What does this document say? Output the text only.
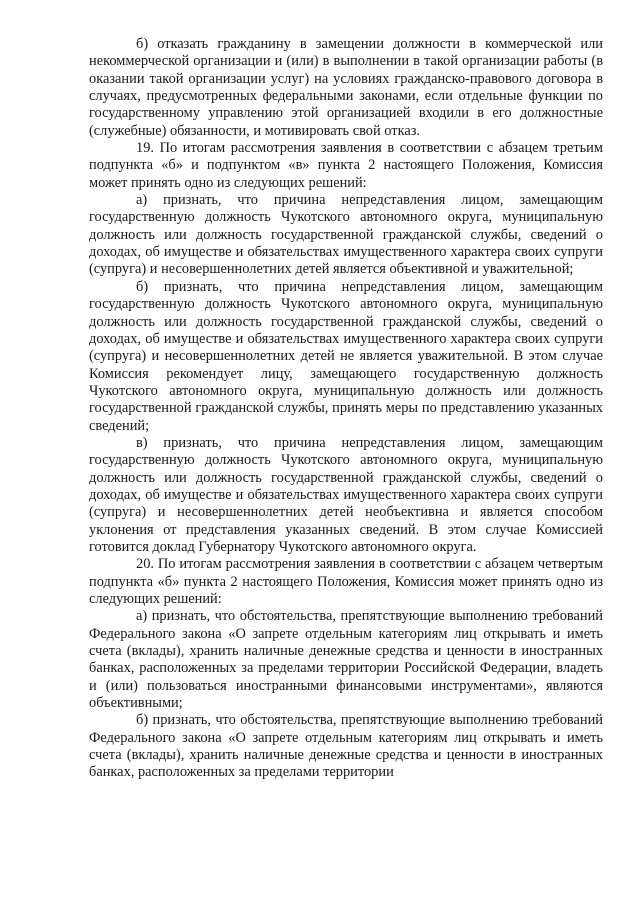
б) отказать гражданину в замещении должности в коммерческой или некоммерческой организации и (или) в выполнении в такой организации работы (в оказании такой организации услуг) на условиях гражданско-правового договора в случаях, предусмотренных федеральными законами, если отдельные функции по государственному управлению этой организацией входили в его должностные (служебные) обязанности, и мотивировать свой отказ.

19. По итогам рассмотрения заявления в соответствии с абзацем третьим подпункта «б» и подпунктом «в» пункта 2 настоящего Положения, Комиссия может принять одно из следующих решений:

а) признать, что причина непредставления лицом, замещающим государственную должность Чукотского автономного округа, муниципальную должность или должность государственной гражданской службы, сведений о доходах, об имуществе и обязательствах имущественного характера своих супруги (супруга) и несовершеннолетних детей является объективной и уважительной;

б) признать, что причина непредставления лицом, замещающим государственную должность Чукотского автономного округа, муниципальную должность или должность государственной гражданской службы, сведений о доходах, об имуществе и обязательствах имущественного характера своих супруги (супруга) и несовершеннолетних детей не является уважительной. В этом случае Комиссия рекомендует лицу, замещающего государственную должность Чукотского автономного округа, муниципальную должность или должность государственной гражданской службы, принять меры по представлению указанных сведений;

в) признать, что причина непредставления лицом, замещающим государственную должность Чукотского автономного округа, муниципальную должность или должность государственной гражданской службы, сведений о доходах, об имуществе и обязательствах имущественного характера своих супруги (супруга) и несовершеннолетних детей необъективна и является способом уклонения от представления указанных сведений. В этом случае Комиссией готовится доклад Губернатору Чукотского автономного округа.

20. По итогам рассмотрения заявления в соответствии с абзацем четвертым подпункта «б» пункта 2 настоящего Положения, Комиссия может принять одно из следующих решений:

а) признать, что обстоятельства, препятствующие выполнению требований Федерального закона «О запрете отдельным категориям лиц открывать и иметь счета (вклады), хранить наличные денежные средства и ценности в иностранных банках, расположенных за пределами территории Российской Федерации, владеть и (или) пользоваться иностранными финансовыми инструментами», являются объективными;

б) признать, что обстоятельства, препятствующие выполнению требований Федерального закона «О запрете отдельным категориям лиц открывать и иметь счета (вклады), хранить наличные денежные средства и ценности в иностранных банках, расположенных за пределами территории
